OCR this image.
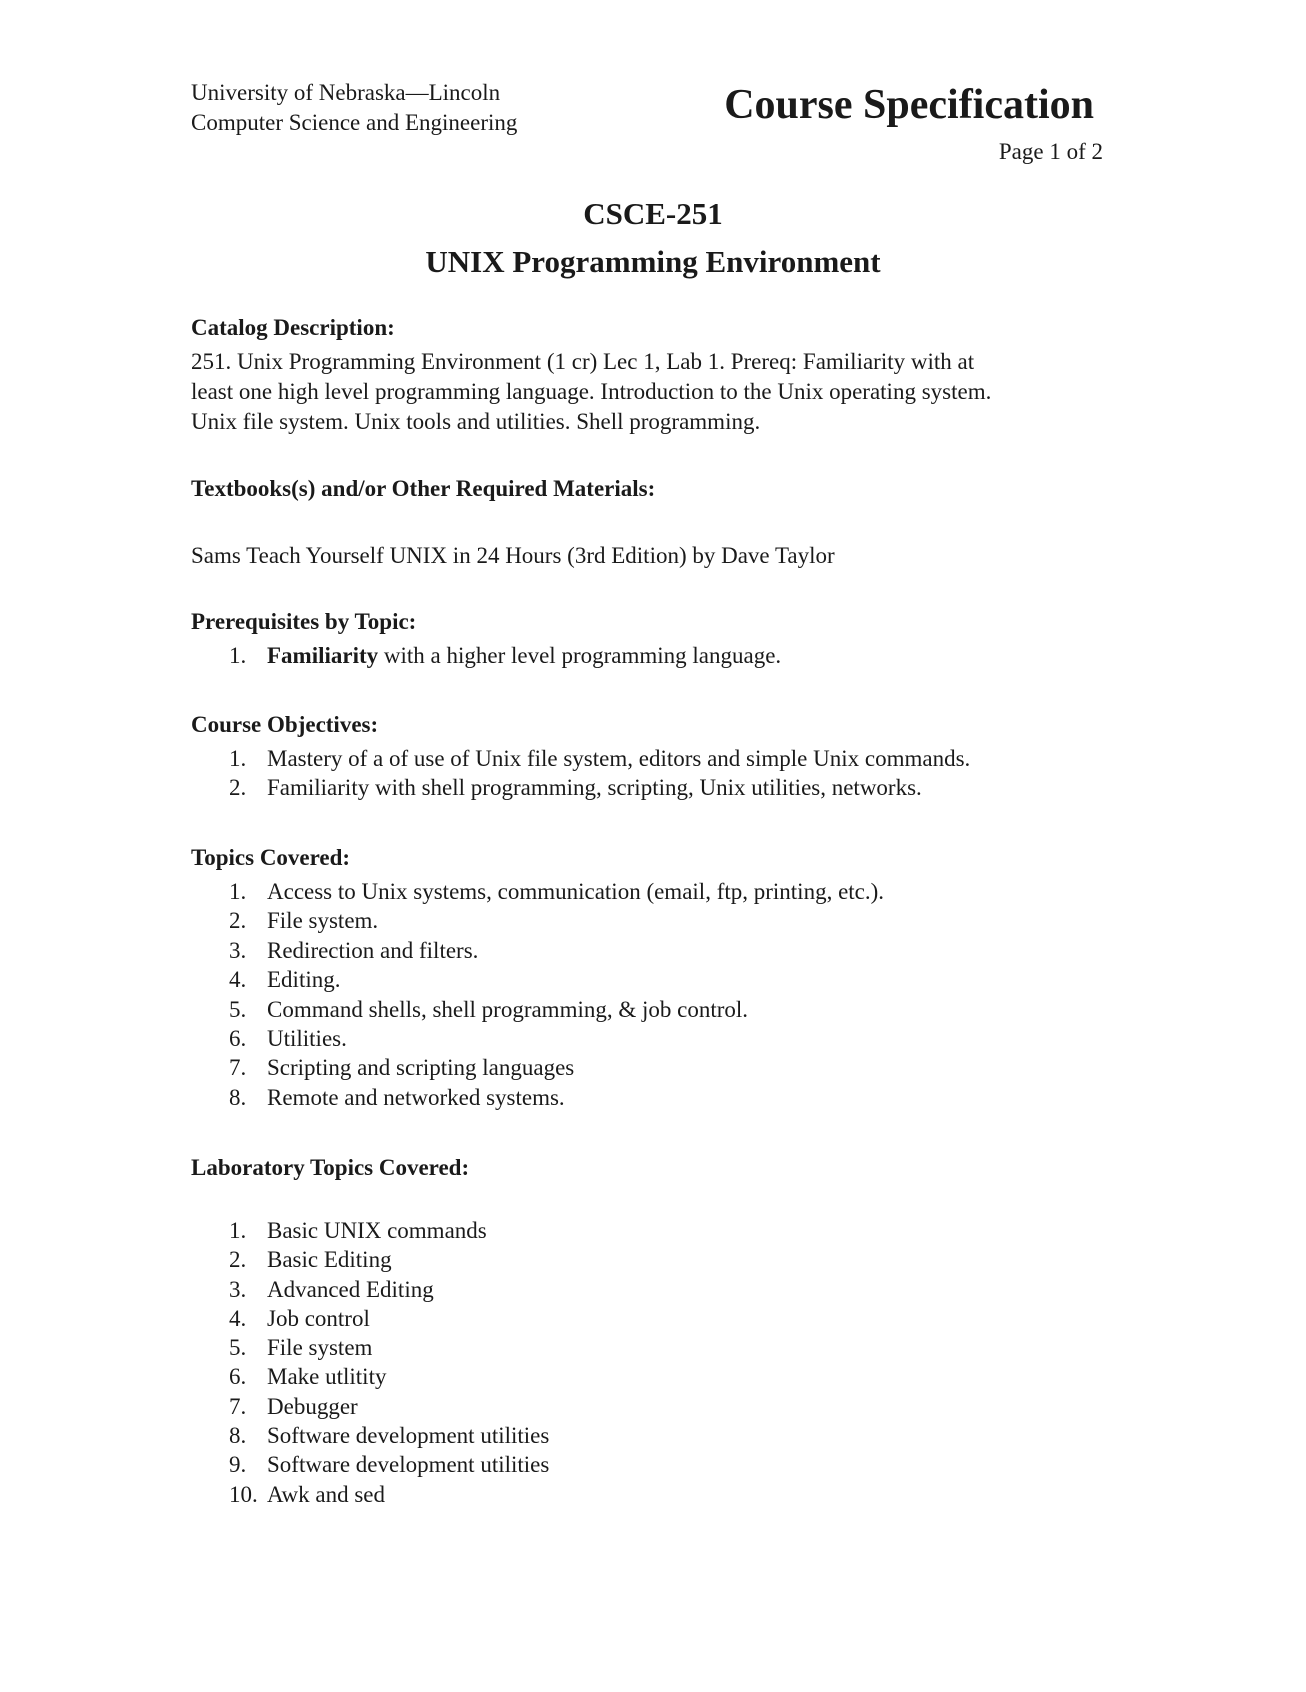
University of Nebraska—Lincoln
Computer Science and Engineering	Course Specification
Page 1 of 2
CSCE-251
UNIX Programming Environment
Catalog Description:
251. Unix Programming Environment (1 cr) Lec 1, Lab 1. Prereq: Familiarity with at
least one high level programming language. Introduction to the Unix operating system.
Unix file system. Unix tools and utilities. Shell programming.
Textbooks(s) and/or Other Required Materials:
Sams Teach Yourself UNIX in 24 Hours (3rd Edition) by Dave Taylor
Prerequisites by Topic:
1. Familiarity with a higher level programming language.
Course Objectives:
1. Mastery of a of use of Unix file system, editors and simple Unix commands.
2. Familiarity with shell programming, scripting, Unix utilities, networks.
Topics Covered:
1. Access to Unix systems, communication (email, ftp, printing, etc.).
2. File system.
3. Redirection and filters.
4. Editing.
5. Command shells, shell programming, & job control.
6. Utilities.
7. Scripting and scripting languages
8. Remote and networked systems.
Laboratory Topics Covered:
1. Basic UNIX commands
2. Basic Editing
3. Advanced Editing
4. Job control
5. File system
6. Make utlitity
7. Debugger
8. Software development utilities
9. Software development utilities
10. Awk and sed
